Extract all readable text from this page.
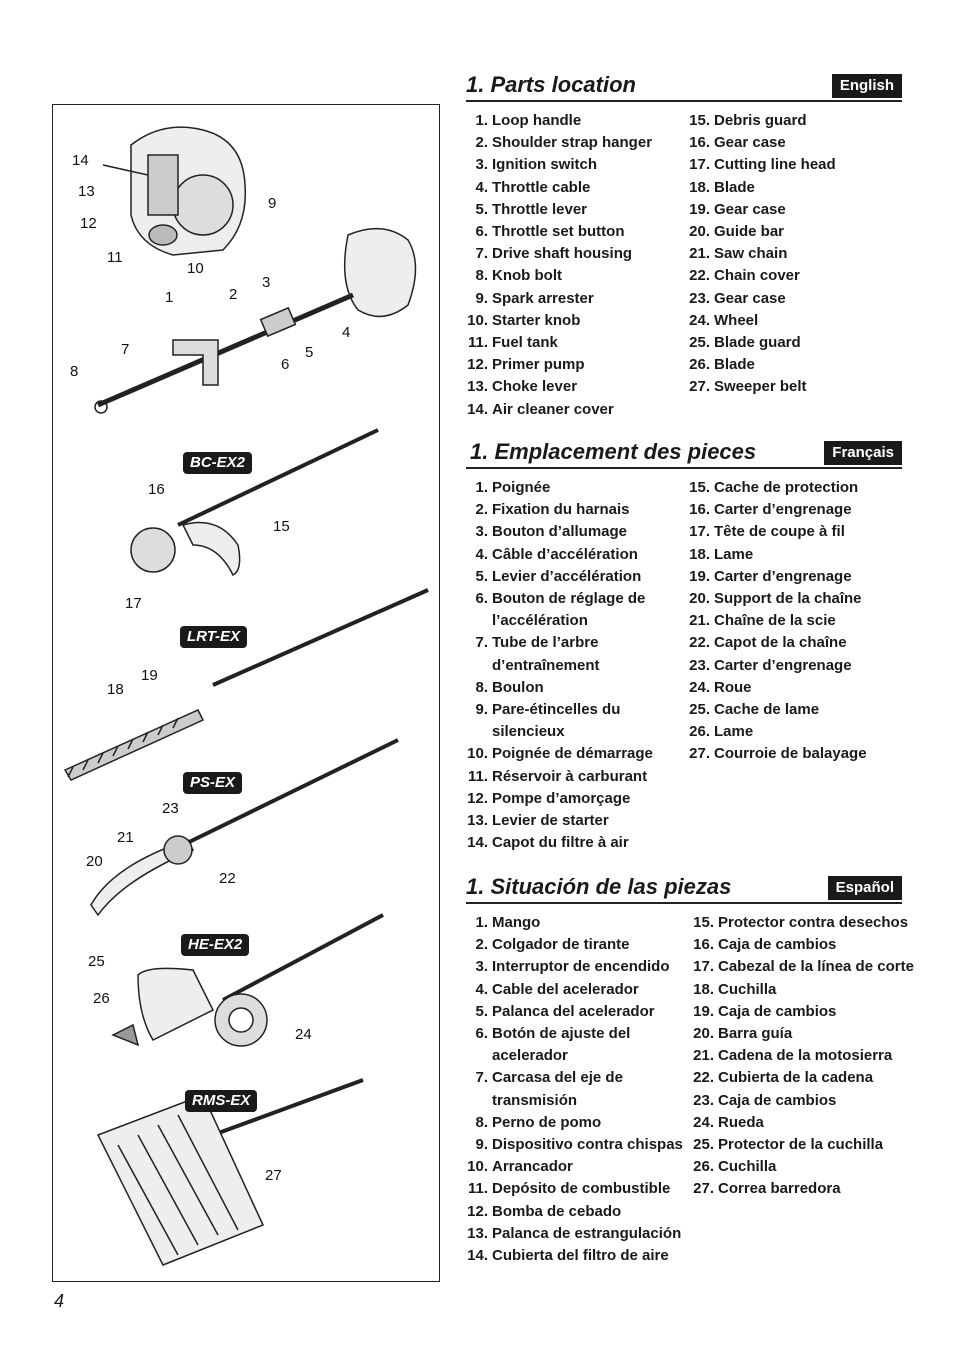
BC-EX2
LRT-EX
PS-EX
HE-EX2
RMS-EX
14
13
12
11
10
9
1	2
3
7
8	6
5
4
16
15
17
19
18
23
21
20
22
25
26
24
27
1. Parts location	English
1. Loop handle
2. Shoulder strap hanger
3. Ignition switch
4. Throttle cable
5. Throttle lever
6. Throttle set button
7. Drive shaft housing
8. Knob bolt
9. Spark arrester
10. Starter knob
11. Fuel tank
12. Primer pump
13. Choke lever
14. Air cleaner cover
15. Debris guard
16. Gear case
17. Cutting line head
18. Blade
19. Gear case
20. Guide bar
21. Saw chain
22. Chain cover
23. Gear case
24. Wheel
25. Blade guard
26. Blade
27. Sweeper belt
1. Emplacement des pieces	Français
1. Poignée
2. Fixation du harnais
3. Bouton d’allumage
4. Câble d’accélération
5. Levier d’accélération
6. Bouton de réglage de
l’accélération
7. Tube de l’arbre
d’entraînement
8. Boulon
9. Pare-étincelles du
silencieux
10. Poignée de démarrage
11. Réservoir à carburant
12. Pompe d’amorçage
13. Levier de starter
14. Capot du filtre à air
15. Cache de protection
16. Carter d’engrenage
17. Tête de coupe à fil
18. Lame
19. Carter d’engrenage
20. Support de la chaîne
21. Chaîne de la scie
22. Capot de la chaîne
23. Carter d’engrenage
24. Roue
25. Cache de lame
26. Lame
27. Courroie de balayage
1. Situación de las piezas	Español
1. Mango
2. Colgador de tirante
3. Interruptor de encendido
4. Cable del acelerador
5. Palanca del acelerador
6. Botón de ajuste del
acelerador
7. Carcasa del eje de
transmisión
8. Perno de pomo
9. Dispositivo contra chispas
10. Arrancador
11. Depósito de combustible
12. Bomba de cebado
13. Palanca de estrangulación
14. Cubierta del filtro de aire
15. Protector contra desechos
16. Caja de cambios
17. Cabezal de la línea de corte
18. Cuchilla
19. Caja de cambios
20. Barra guía
21. Cadena de la motosierra
22. Cubierta de la cadena
23. Caja de cambios
24. Rueda
25. Protector de la cuchilla
26. Cuchilla
27. Correa barredora
4
